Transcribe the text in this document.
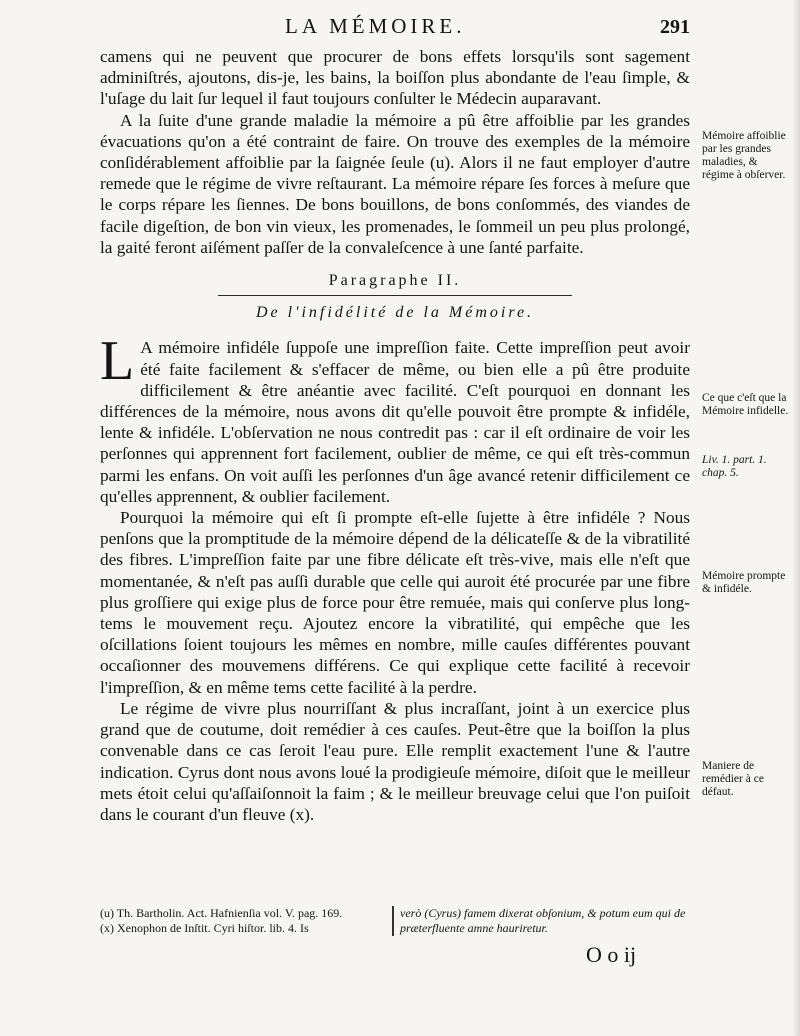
LA MÉMOIRE.	291

camens qui ne peuvent que procurer de bons effets lorsqu'ils sont sagement adminiſtrés, ajoutons, dis-je, les bains, la boiſſon plus abondante de l'eau ſimple, & l'uſage du lait ſur lequel il faut toujours conſulter le Médecin auparavant.

A la ſuite d'une grande maladie la mémoire a pû être affoiblie par les grandes évacuations qu'on a été contraint de faire. On trouve des exemples de la mémoire conſidérablement affoiblie par la ſaignée ſeule (u). Alors il ne faut employer d'autre remede que le régime de vivre reſtaurant. La mémoire répare ſes forces à meſure que le corps répare les ſiennes. De bons bouillons, de bons conſommés, des viandes de facile digeſtion, de bon vin vieux, les promenades, le ſommeil un peu plus prolongé, la gaité feront aiſément paſſer de la convaleſcence à une ſanté parfaite.

Paragraphe II.
De l'infidélité de la Mémoire.

L A mémoire infidéle ſuppoſe une impreſſion faite. Cette impreſſion peut avoir été faite facilement & s'effacer de même, ou bien elle a pû être produite difficilement & être anéantie avec facilité. C'eſt pourquoi en donnant les différences de la mémoire, nous avons dit qu'elle pouvoit être prompte & infidéle, lente & infidéle. L'obſervation ne nous contredit pas : car il eſt ordinaire de voir les perſonnes qui apprennent fort facilement, oublier de même, ce qui eſt très-commun parmi les enfans. On voit auſſi les perſonnes d'un âge avancé retenir difficilement ce qu'elles apprennent, & oublier facilement.

Pourquoi la mémoire qui eſt ſi prompte eſt-elle ſujette à être infidéle ? Nous penſons que la promptitude de la mémoire dépend de la délicateſſe & de la vibratilité des fibres. L'impreſſion faite par une fibre délicate eſt très-vive, mais elle n'eſt que momentanée, & n'eſt pas auſſi durable que celle qui auroit été procurée par une fibre plus groſſiere qui exige plus de force pour être remuée, mais qui conſerve plus long-tems le mouvement reçu. Ajoutez encore la vibratilité, qui empêche que les oſcillations ſoient toujours les mêmes en nombre, mille cauſes différentes pouvant occaſionner des mouvemens différens. Ce qui explique cette facilité à recevoir l'impreſſion, & en même tems cette facilité à la perdre.

Le régime de vivre plus nourriſſant & plus incraſſant, joint à un exercice plus grand que de coutume, doit remédier à ces cauſes. Peut-être que la boiſſon la plus convenable dans ce cas ſeroit l'eau pure. Elle remplit exactement l'une & l'autre indication. Cyrus dont nous avons loué la prodigieuſe mémoire, diſoit que le meilleur mets étoit celui qu'aſſaiſonnoit la faim ; & le meilleur breuvage celui que l'on puiſoit dans le courant d'un fleuve (x).

Mémoire affoiblie par les grandes maladies, & régime à obſerver.
Ce que c'eſt que la Mémoire infidelle.
Liv. 1. part. 1. chap. 5.
Mémoire prompte & infidéle.
Maniere de remédier à ce défaut.
(u) Th. Bartholin. Act. Hafnienſia vol. V. pag. 169.
(x) Xenophon de Inſtit. Cyri hiſtor. lib. 4. Is
verò (Cyrus) famem dixerat obſonium, & potum eum qui de præterfluente amne hauriretur.
O o ij
